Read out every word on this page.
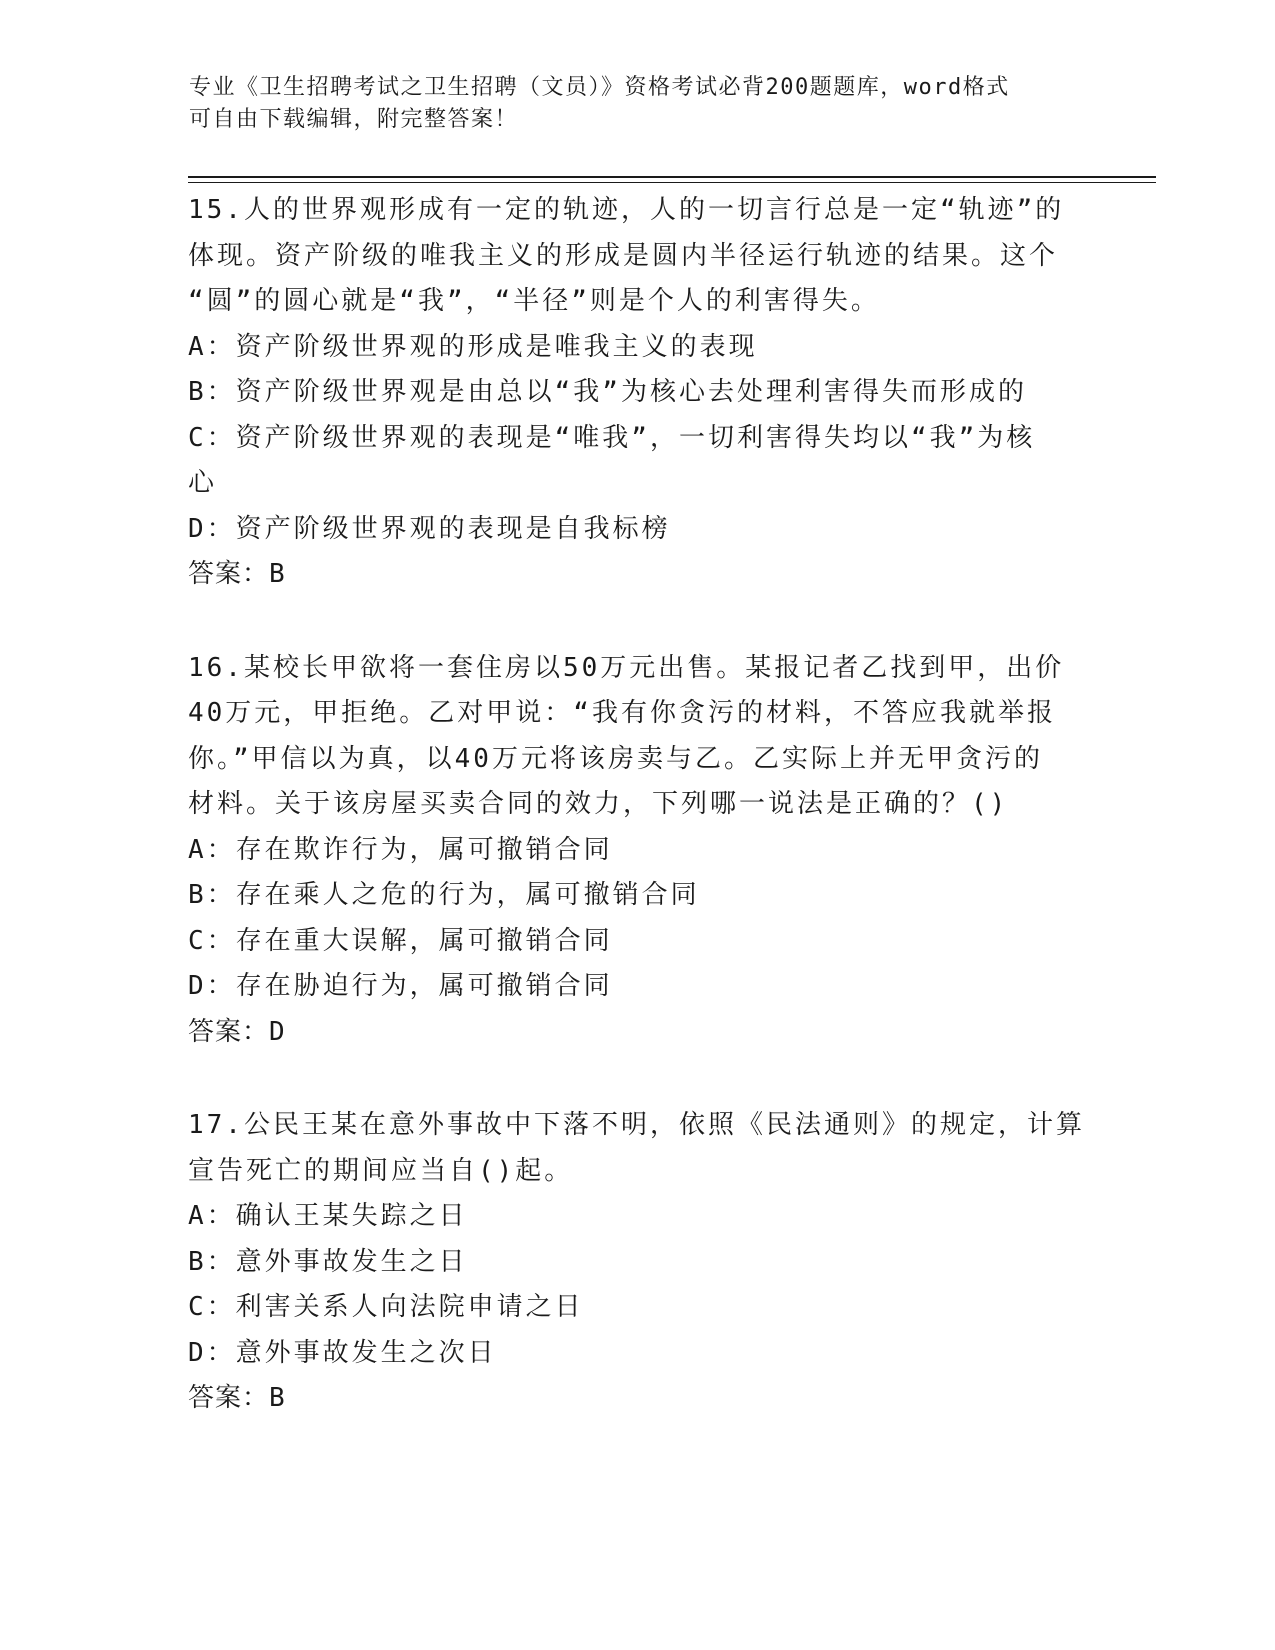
专业《卫生招聘考试之卫生招聘（文员）》资格考试必背200题题库，word格式
可自由下载编辑，附完整答案！
15.人的世界观形成有一定的轨迹，人的一切言行总是一定“轨迹”的
体现。资产阶级的唯我主义的形成是圆内半径运行轨迹的结果。这个
“圆”的圆心就是“我”，“半径”则是个人的利害得失。
A：资产阶级世界观的形成是唯我主义的表现
B：资产阶级世界观是由总以“我”为核心去处理利害得失而形成的
C：资产阶级世界观的表现是“唯我”，一切利害得失均以“我”为核
心
D：资产阶级世界观的表现是自我标榜
答案：B
16.某校长甲欲将一套住房以50万元出售。某报记者乙找到甲，出价
40万元，甲拒绝。乙对甲说：“我有你贪污的材料，不答应我就举报
你。”甲信以为真，以40万元将该房卖与乙。乙实际上并无甲贪污的
材料。关于该房屋买卖合同的效力，下列哪一说法是正确的？()
A：存在欺诈行为，属可撤销合同
B：存在乘人之危的行为，属可撤销合同
C：存在重大误解，属可撤销合同
D：存在胁迫行为，属可撤销合同
答案：D
17.公民王某在意外事故中下落不明，依照《民法通则》的规定，计算
宣告死亡的期间应当自()起。
A：确认王某失踪之日
B：意外事故发生之日
C：利害关系人向法院申请之日
D：意外事故发生之次日
答案：B
